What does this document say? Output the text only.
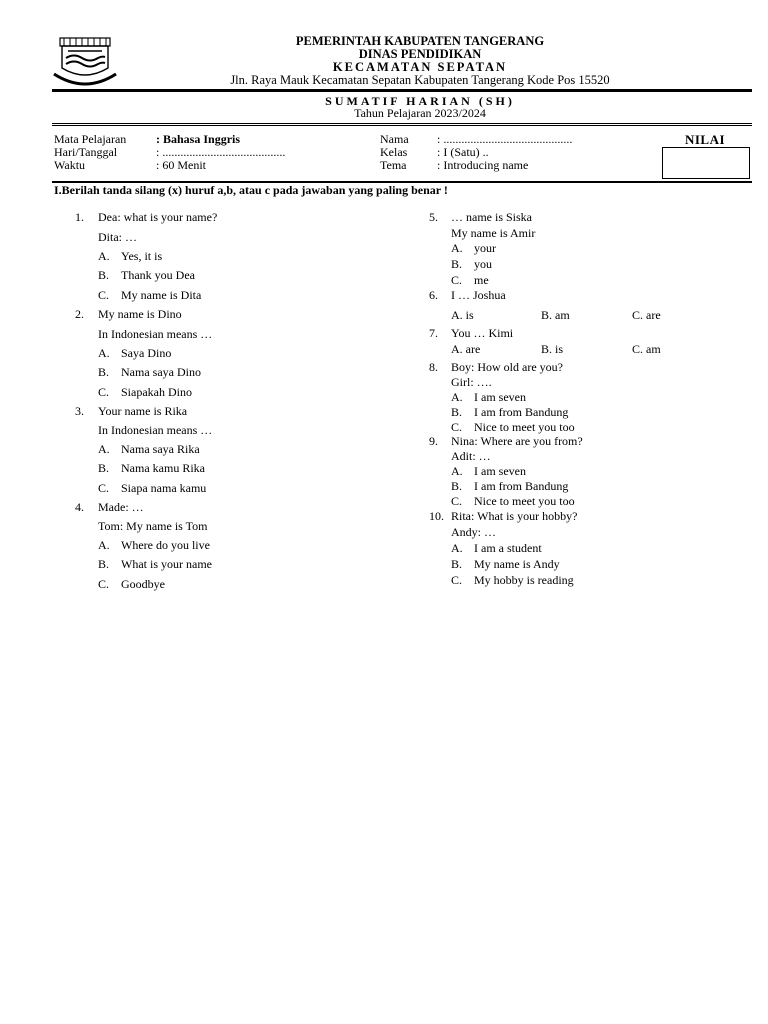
PEMERINTAH KABUPATEN TANGERANG
DINAS PENDIDIKAN
KECAMATAN SEPATAN
Jln. Raya Mauk Kecamatan Sepatan Kabupaten Tangerang Kode Pos 15520
SUMATIF HARIAN (SH)
Tahun Pelajaran 2023/2024
Mata Pelajaran : Bahasa Inggris
Hari/Tanggal	: .........................................
Waktu	: 60 Menit
Nama : ...........................................
Kelas : I (Satu) ..
Tema	: Introducing name
NILAI
I.Berilah tanda silang (x) huruf a,b, atau c pada jawaban yang paling benar !
1. Dea: what is your name?
Dita: …
A. Yes, it is
B. Thank you Dea
C. My name is Dita
2. My name is Dino
In Indonesian means …
A. Saya Dino
B. Nama saya Dino
C. Siapakah Dino
3. Your name is Rika
In Indonesian means …
A. Nama saya Rika
B. Nama kamu Rika
C. Siapa nama kamu
4. Made: …
Tom: My name is Tom
A. Where do you live
B. What is your name
C. Goodbye
5. … name is Siska
My name is Amir
A. your
B. you
C. me
6. I … Joshua
A. is	B. am	C. are
7. You … Kimi
A. are	B. is	C. am
8. Boy: How old are you?
Girl: ….
A. I am seven
B. I am from Bandung
C. Nice to meet you too
9. Nina: Where are you from?
Adit: …
A. I am seven
B. I am from Bandung
C. Nice to meet you too
10. Rita: What is your hobby?
Andy: …
A. I am a student
B. My name is Andy
C. My hobby is reading
